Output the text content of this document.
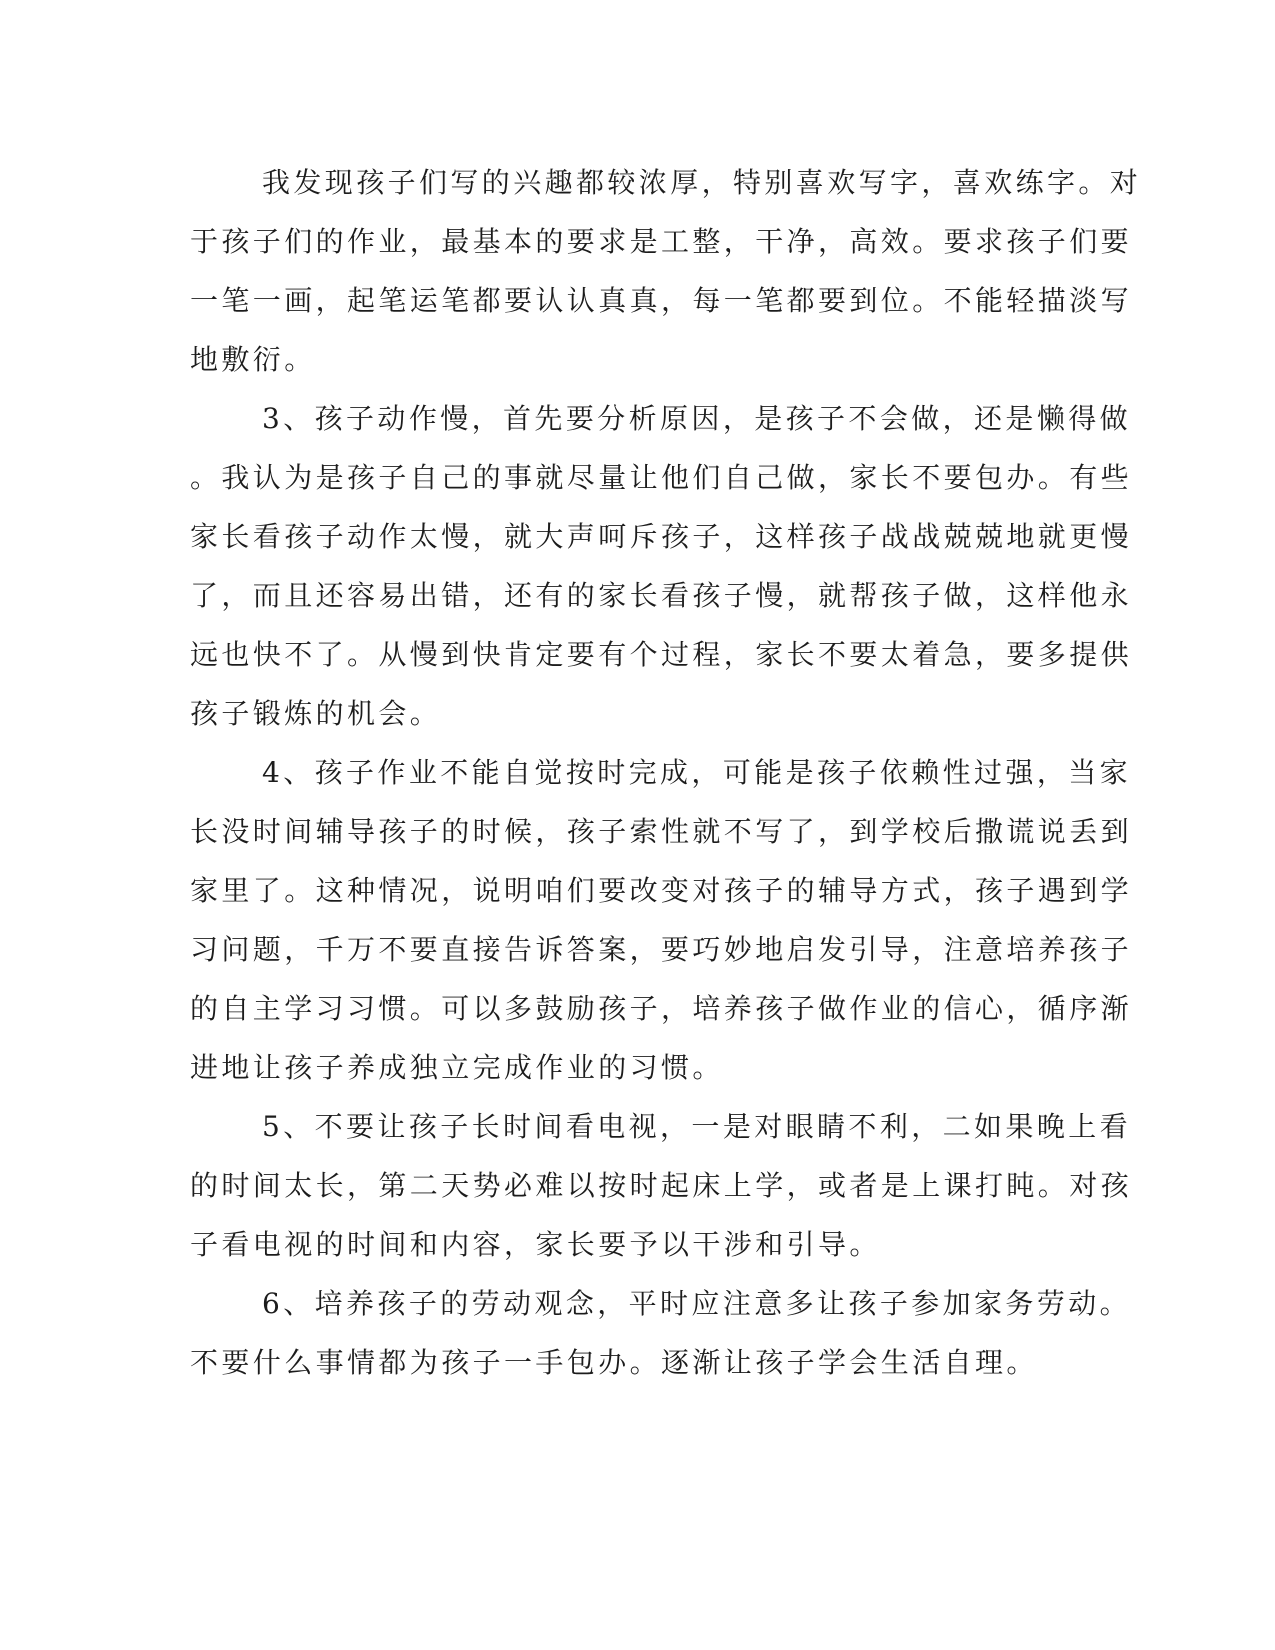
我发现孩子们写的兴趣都较浓厚，特别喜欢写字，喜欢练字。对

于孩子们的作业，最基本的要求是工整，干净，高效。要求孩子们要

一笔一画，起笔运笔都要认认真真，每一笔都要到位。不能轻描淡写

地敷衍。

3、孩子动作慢，首先要分析原因，是孩子不会做，还是懒得做

。我认为是孩子自己的事就尽量让他们自己做，家长不要包办。有些

家长看孩子动作太慢，就大声呵斥孩子，这样孩子战战兢兢地就更慢

了，而且还容易出错，还有的家长看孩子慢，就帮孩子做，这样他永

远也快不了。从慢到快肯定要有个过程，家长不要太着急，要多提供

孩子锻炼的机会。

4、孩子作业不能自觉按时完成，可能是孩子依赖性过强，当家

长没时间辅导孩子的时候，孩子索性就不写了，到学校后撒谎说丢到

家里了。这种情况，说明咱们要改变对孩子的辅导方式，孩子遇到学

习问题，千万不要直接告诉答案，要巧妙地启发引导，注意培养孩子

的自主学习习惯。可以多鼓励孩子，培养孩子做作业的信心，循序渐

进地让孩子养成独立完成作业的习惯。

5、不要让孩子长时间看电视，一是对眼睛不利，二如果晚上看

的时间太长，第二天势必难以按时起床上学，或者是上课打盹。对孩

子看电视的时间和内容，家长要予以干涉和引导。

6、培养孩子的劳动观念，平时应注意多让孩子参加家务劳动。

不要什么事情都为孩子一手包办。逐渐让孩子学会生活自理。
